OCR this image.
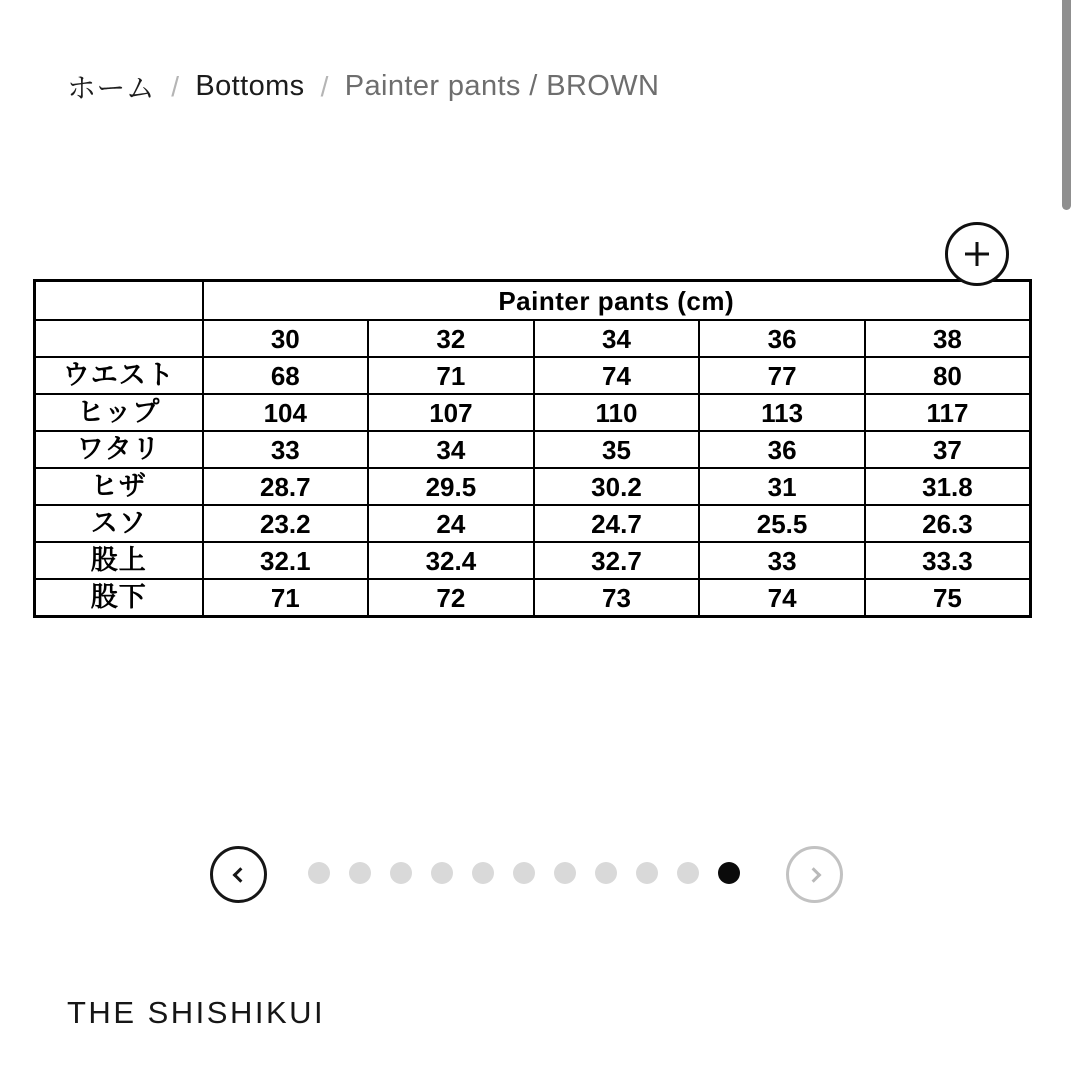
ホーム / Bottoms / Painter pants / BROWN
	Painter pants (cm)				
	30	32	34	36	38
ウエスト	68	71	74	77	80
ヒップ	104	107	110	113	117
ワタリ	33	34	35	36	37
ヒザ	28.7	29.5	30.2	31	31.8
スソ	23.2	24	24.7	25.5	26.3
股上	32.1	32.4	32.7	33	33.3
股下	71	72	73	74	75
THE SHISHIKUI
